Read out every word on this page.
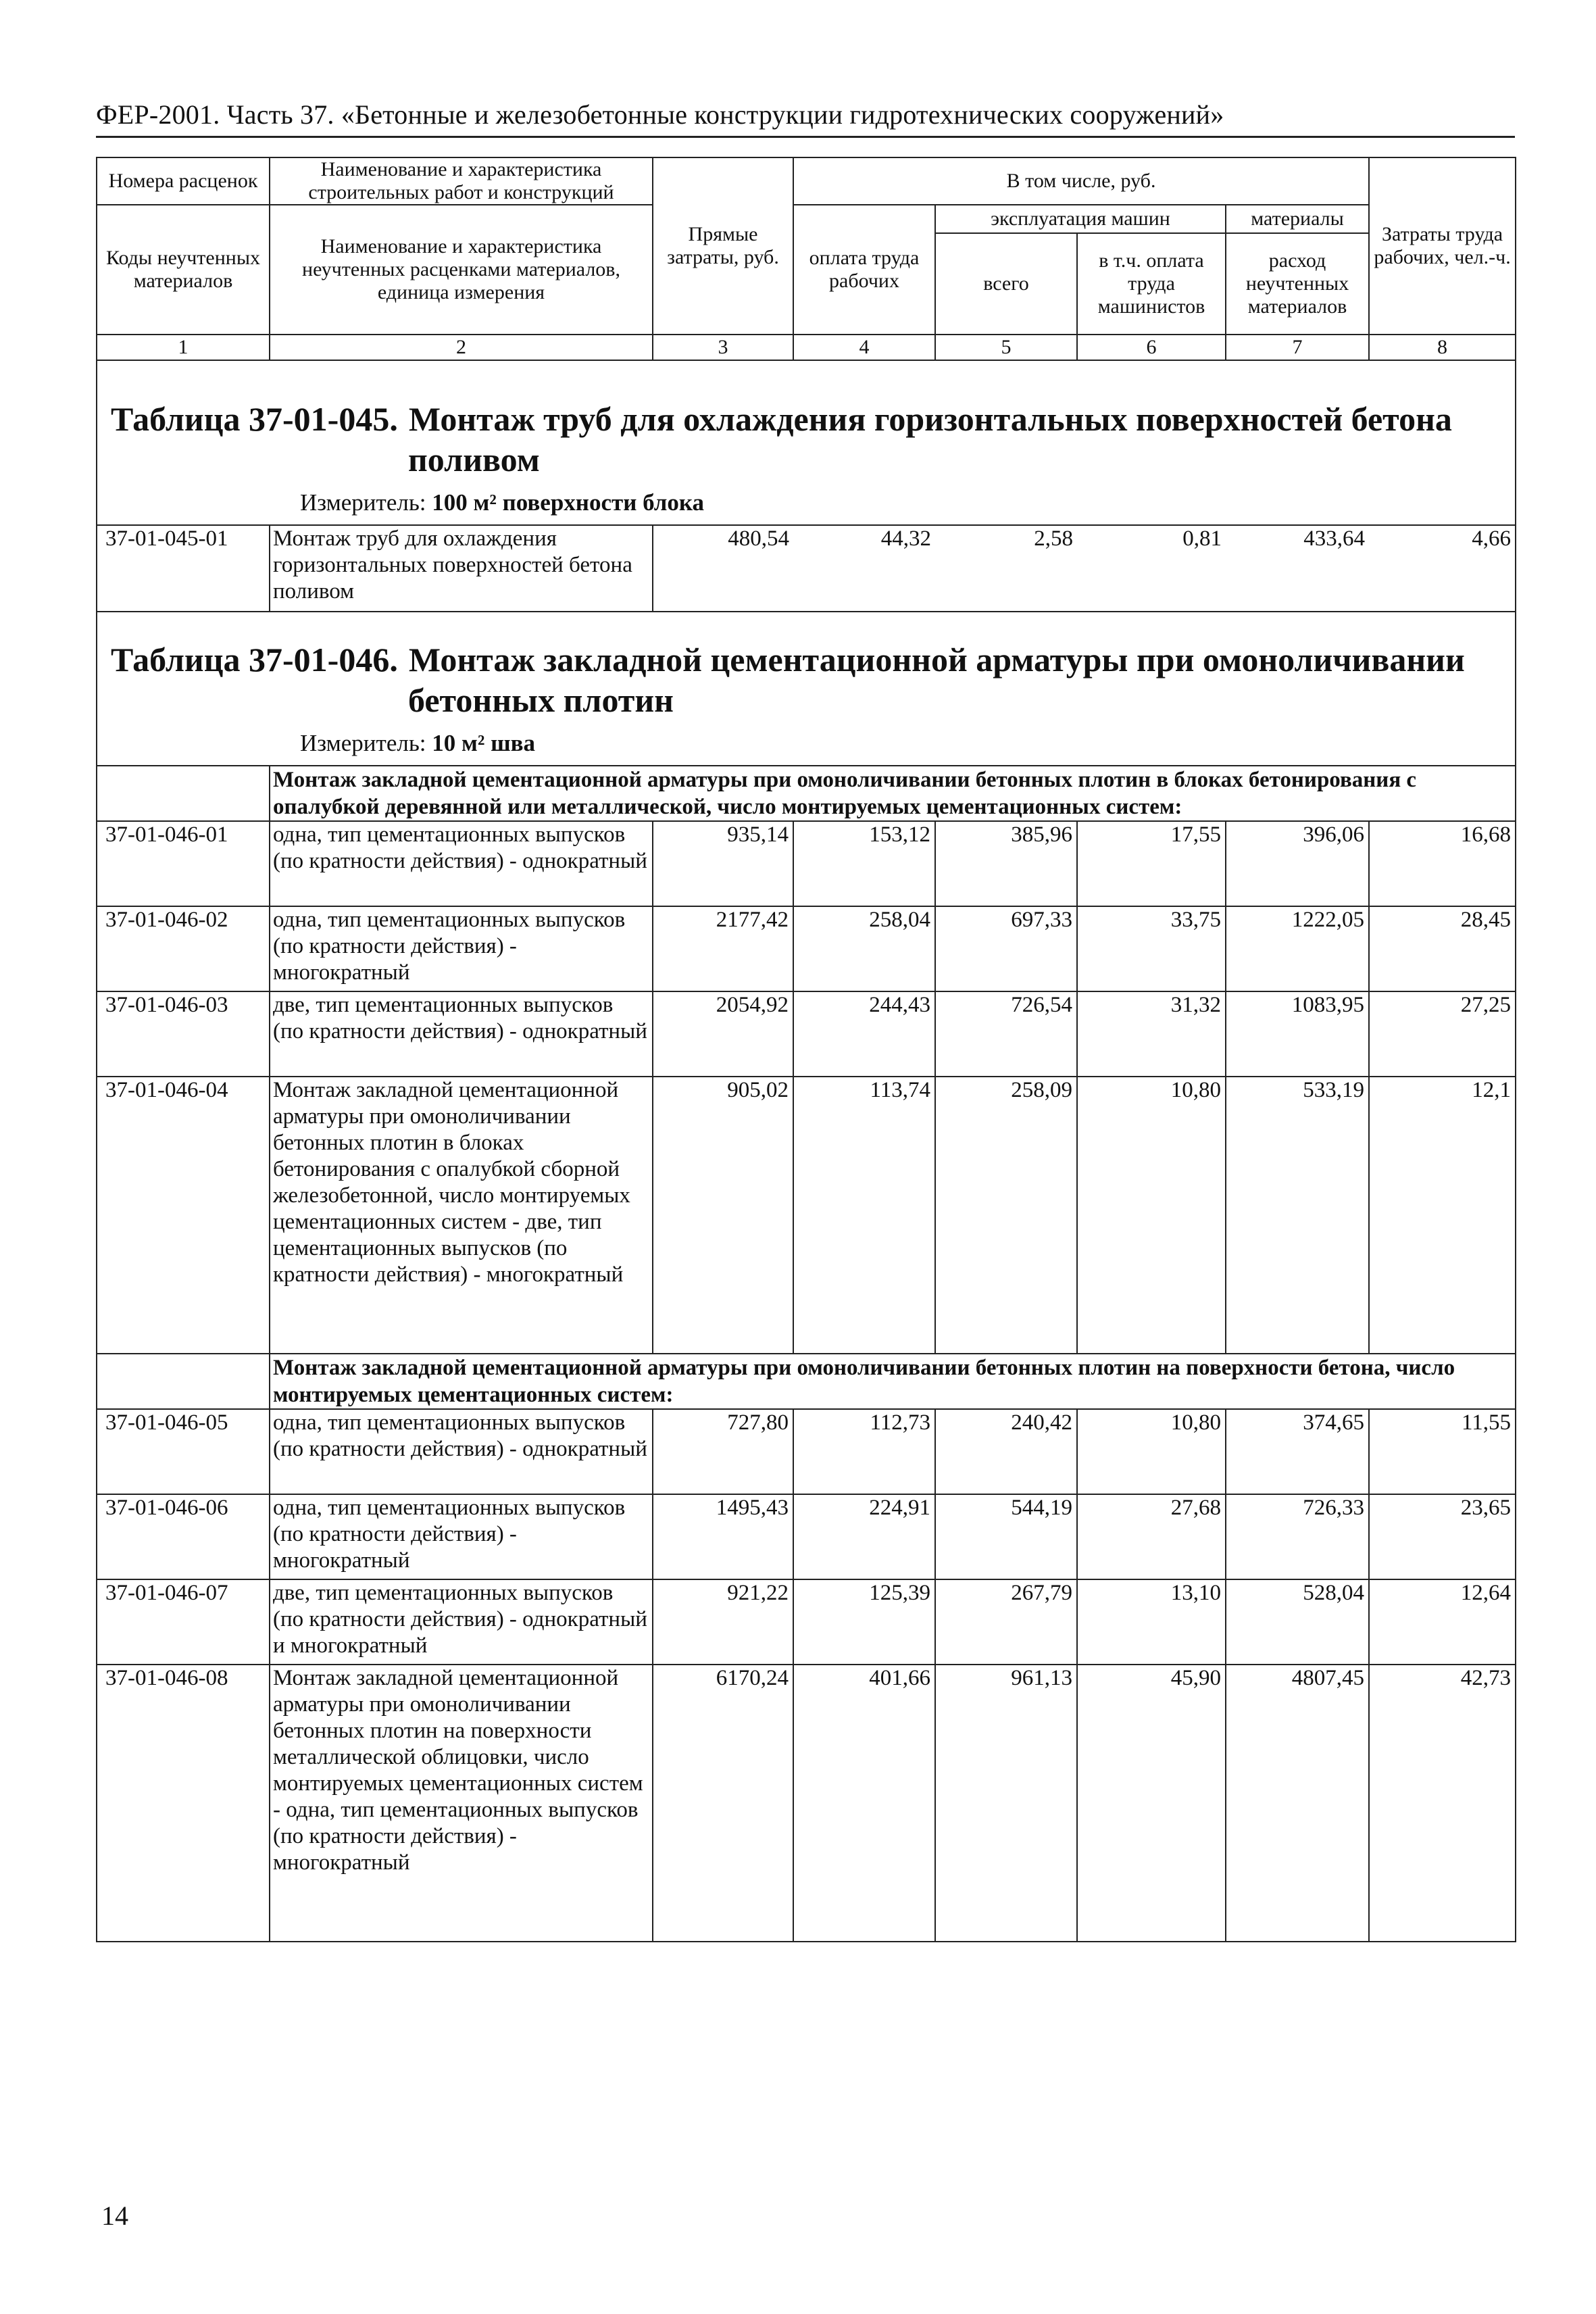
ФЕР-2001. Часть 37. «Бетонные и железобетонные конструкции гидротехнических сооружений»
Номера расценок	Наименование и характеристика строительных работ и конструкций	Прямые затраты, руб.	В том числе, руб.				Затраты труда рабочих, чел.-ч.
Коды неучтенных материалов	Наименование и характеристика неучтенных расценками материалов, единица измерения		оплата труда рабочих	эксплуатация машин		материалы	
				всего	в т.ч. оплата труда машинистов	расход неучтенных материалов	
1	2	3	4	5	6	7	8

Таблица 37-01-045. Монтаж труб для охлаждения горизонтальных поверхностей бетона
поливом
Измеритель: 100 м² поверхности блока							

37-01-045-01	Монтаж труб для охлаждения горизонтальных поверхностей бетона поливом	480,54	44,32	2,58	0,81	433,64	4,66

Таблица 37-01-046. Монтаж закладной цементационной арматуры при омоноличивании
бетонных плотин
Измеритель: 10 м² шва							

	Монтаж закладной цементационной арматуры при омоноличивании бетонных плотин в блоках бетонирования с опалубкой деревянной или металлической, число монтируемых цементационных систем:						
37-01-046-01	одна, тип цементационных выпусков (по кратности действия) - однократный	935,14	153,12	385,96	17,55	396,06	16,68
37-01-046-02	одна, тип цементационных выпусков (по кратности действия) - многократный	2177,42	258,04	697,33	33,75	1222,05	28,45
37-01-046-03	две, тип цементационных выпусков (по кратности действия) - однократный	2054,92	244,43	726,54	31,32	1083,95	27,25
37-01-046-04	Монтаж закладной цементационной арматуры при омоноличивании бетонных плотин в блоках бетонирования с опалубкой сборной железобетонной, число монтируемых цементационных систем - две, тип цементационных выпусков (по кратности действия) - многократный	905,02	113,74	258,09	10,80	533,19	12,1
	Монтаж закладной цементационной арматуры при омоноличивании бетонных плотин на поверхности бетона, число монтируемых цементационных систем:						
37-01-046-05	одна, тип цементационных выпусков (по кратности действия) - однократный	727,80	112,73	240,42	10,80	374,65	11,55
37-01-046-06	одна, тип цементационных выпусков (по кратности действия) - многократный	1495,43	224,91	544,19	27,68	726,33	23,65
37-01-046-07	две, тип цементационных выпусков (по кратности действия) - однократный и многократный	921,22	125,39	267,79	13,10	528,04	12,64
37-01-046-08	Монтаж закладной цементационной арматуры при омоноличивании бетонных плотин на поверхности металлической облицовки, число монтируемых цементационных систем - одна, тип цементационных выпусков (по кратности действия) - многократный	6170,24	401,66	961,13	45,90	4807,45	42,73
14
